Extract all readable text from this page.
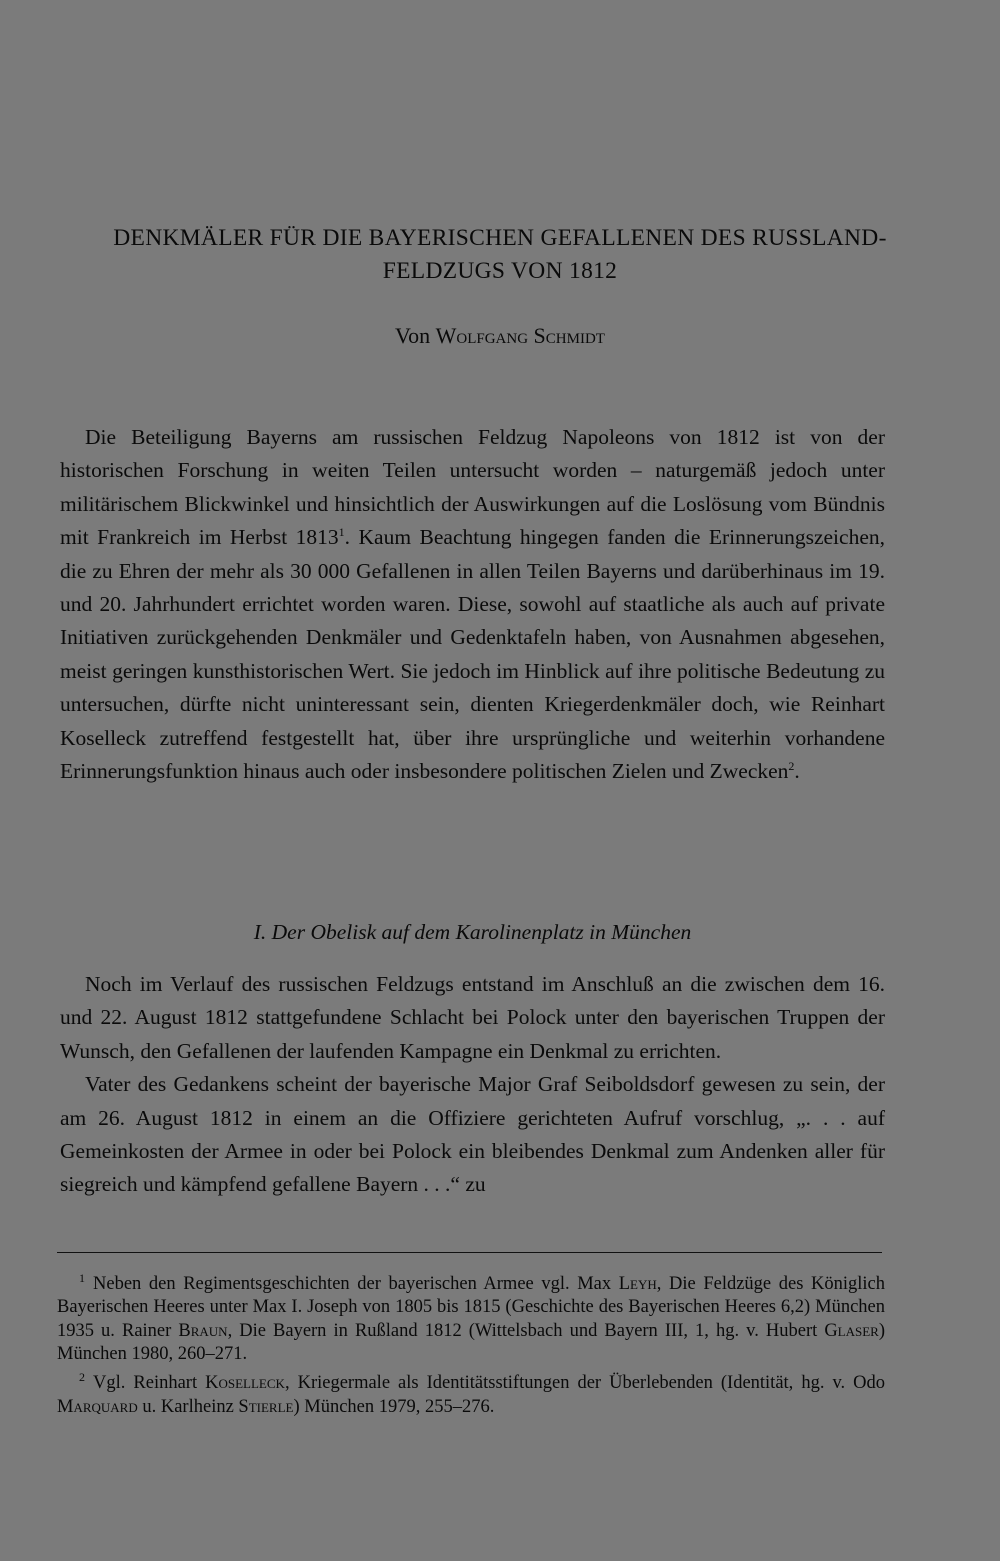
DENKMÄLER FÜR DIE BAYERISCHEN GEFALLENEN DES RUSSLAND-
FELDZUGS VON 1812
Von Wolfgang Schmidt

Die Beteiligung Bayerns am russischen Feldzug Napoleons von 1812 ist von der historischen Forschung in weiten Teilen untersucht worden – naturgemäß jedoch unter militärischem Blickwinkel und hinsichtlich der Auswirkungen auf die Loslösung vom Bündnis mit Frankreich im Herbst 1813$^1$. Kaum Beachtung hingegen fanden die Erinnerungszeichen, die zu Ehren der mehr als 30 000 Gefallenen in allen Teilen Bayerns und darüberhinaus im 19. und 20. Jahrhundert errichtet worden waren. Diese, sowohl auf staatliche als auch auf private Initiativen zurückgehenden Denkmäler und Gedenktafeln haben, von Ausnahmen abgesehen, meist geringen kunsthistorischen Wert. Sie jedoch im Hinblick auf ihre politische Bedeutung zu untersuchen, dürfte nicht uninteressant sein, dienten Kriegerdenkmäler doch, wie Reinhart Koselleck zutreffend festgestellt hat, über ihre ursprüngliche und weiterhin vorhandene Erinnerungsfunktion hinaus auch oder insbesondere politischen Zielen und Zwecken$^2$.

I. Der Obelisk auf dem Karolinenplatz in München

Noch im Verlauf des russischen Feldzugs entstand im Anschluß an die zwischen dem 16. und 22. August 1812 stattgefundene Schlacht bei Polock unter den bayerischen Truppen der Wunsch, den Gefallenen der laufenden Kampagne ein Denkmal zu errichten.

Vater des Gedankens scheint der bayerische Major Graf Seiboldsdorf gewesen zu sein, der am 26. August 1812 in einem an die Offiziere gerichteten Aufruf vorschlug, „. . . auf Gemeinkosten der Armee in oder bei Polock ein bleibendes Denkmal zum Andenken aller für siegreich und kämpfend gefallene Bayern . . .“ zu

$^1$ Neben den Regimentsgeschichten der bayerischen Armee vgl. Max Leyh, Die Feldzüge des Königlich Bayerischen Heeres unter Max I. Joseph von 1805 bis 1815 (Geschichte des Bayerischen Heeres 6,2) München 1935 u. Rainer Braun, Die Bayern in Rußland 1812 (Wittelsbach und Bayern III, 1, hg. v. Hubert Glaser) München 1980, 260–271.

$^2$ Vgl. Reinhart Koselleck, Kriegermale als Identitätsstiftungen der Überlebenden (Identität, hg. v. Odo Marquard u. Karlheinz Stierle) München 1979, 255–276.
